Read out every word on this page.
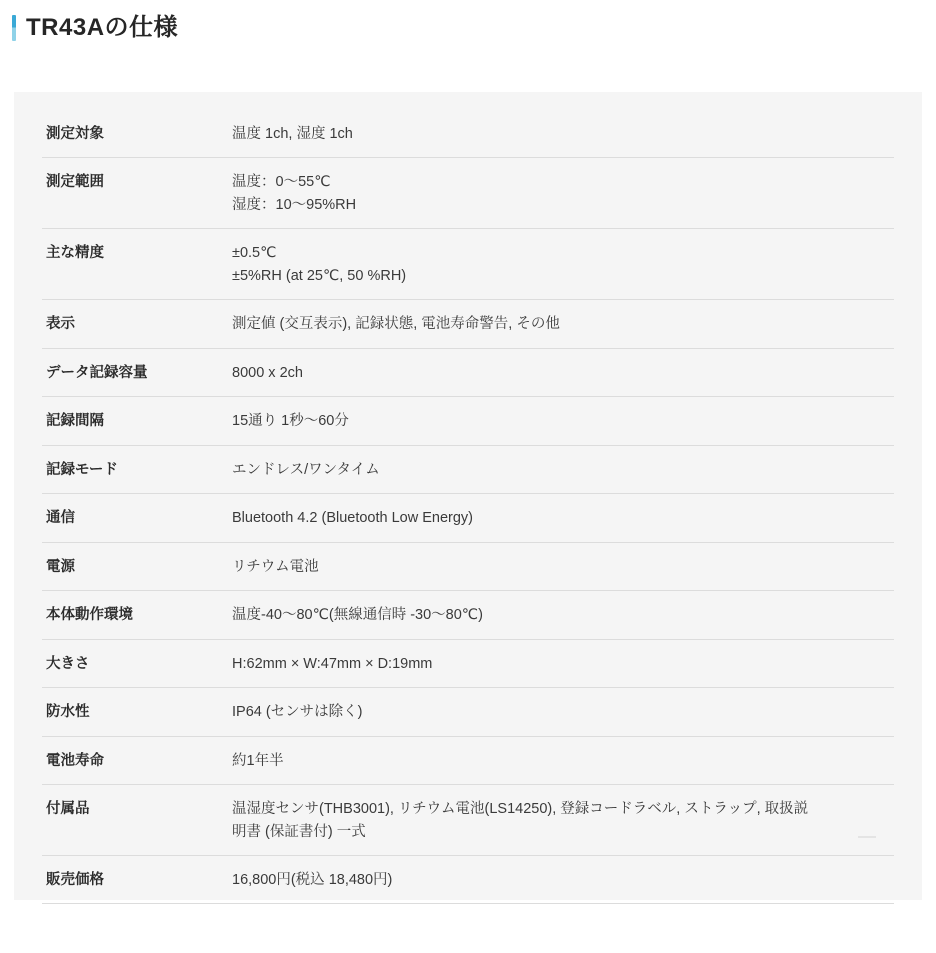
TR43Aの仕様
測定対象	温度 1ch, 湿度 1ch

測定範囲	温度：0〜55℃
湿度：10〜95%RH

主な精度	±0.5℃
±5%RH (at 25℃, 50 %RH)

表示	測定値 (交互表示), 記録状態, 電池寿命警告, その他

データ記録容量	8000 x 2ch

記録間隔	15通り 1秒〜60分

記録モード	エンドレス/ワンタイム

通信	Bluetooth 4.2 (Bluetooth Low Energy)

電源	リチウム電池

本体動作環境	温度-40〜80℃(無線通信時 -30〜80℃)

大きさ	H:62mm × W:47mm × D:19mm

防水性	IP64 (センサは除く)

電池寿命	約1年半

付属品	温湿度センサ(THB3001), リチウム電池(LS14250), 登録コードラベル, ストラップ, 取扱説
明書 (保証書付) 一式

販売価格	16,800円(税込 18,480円)
